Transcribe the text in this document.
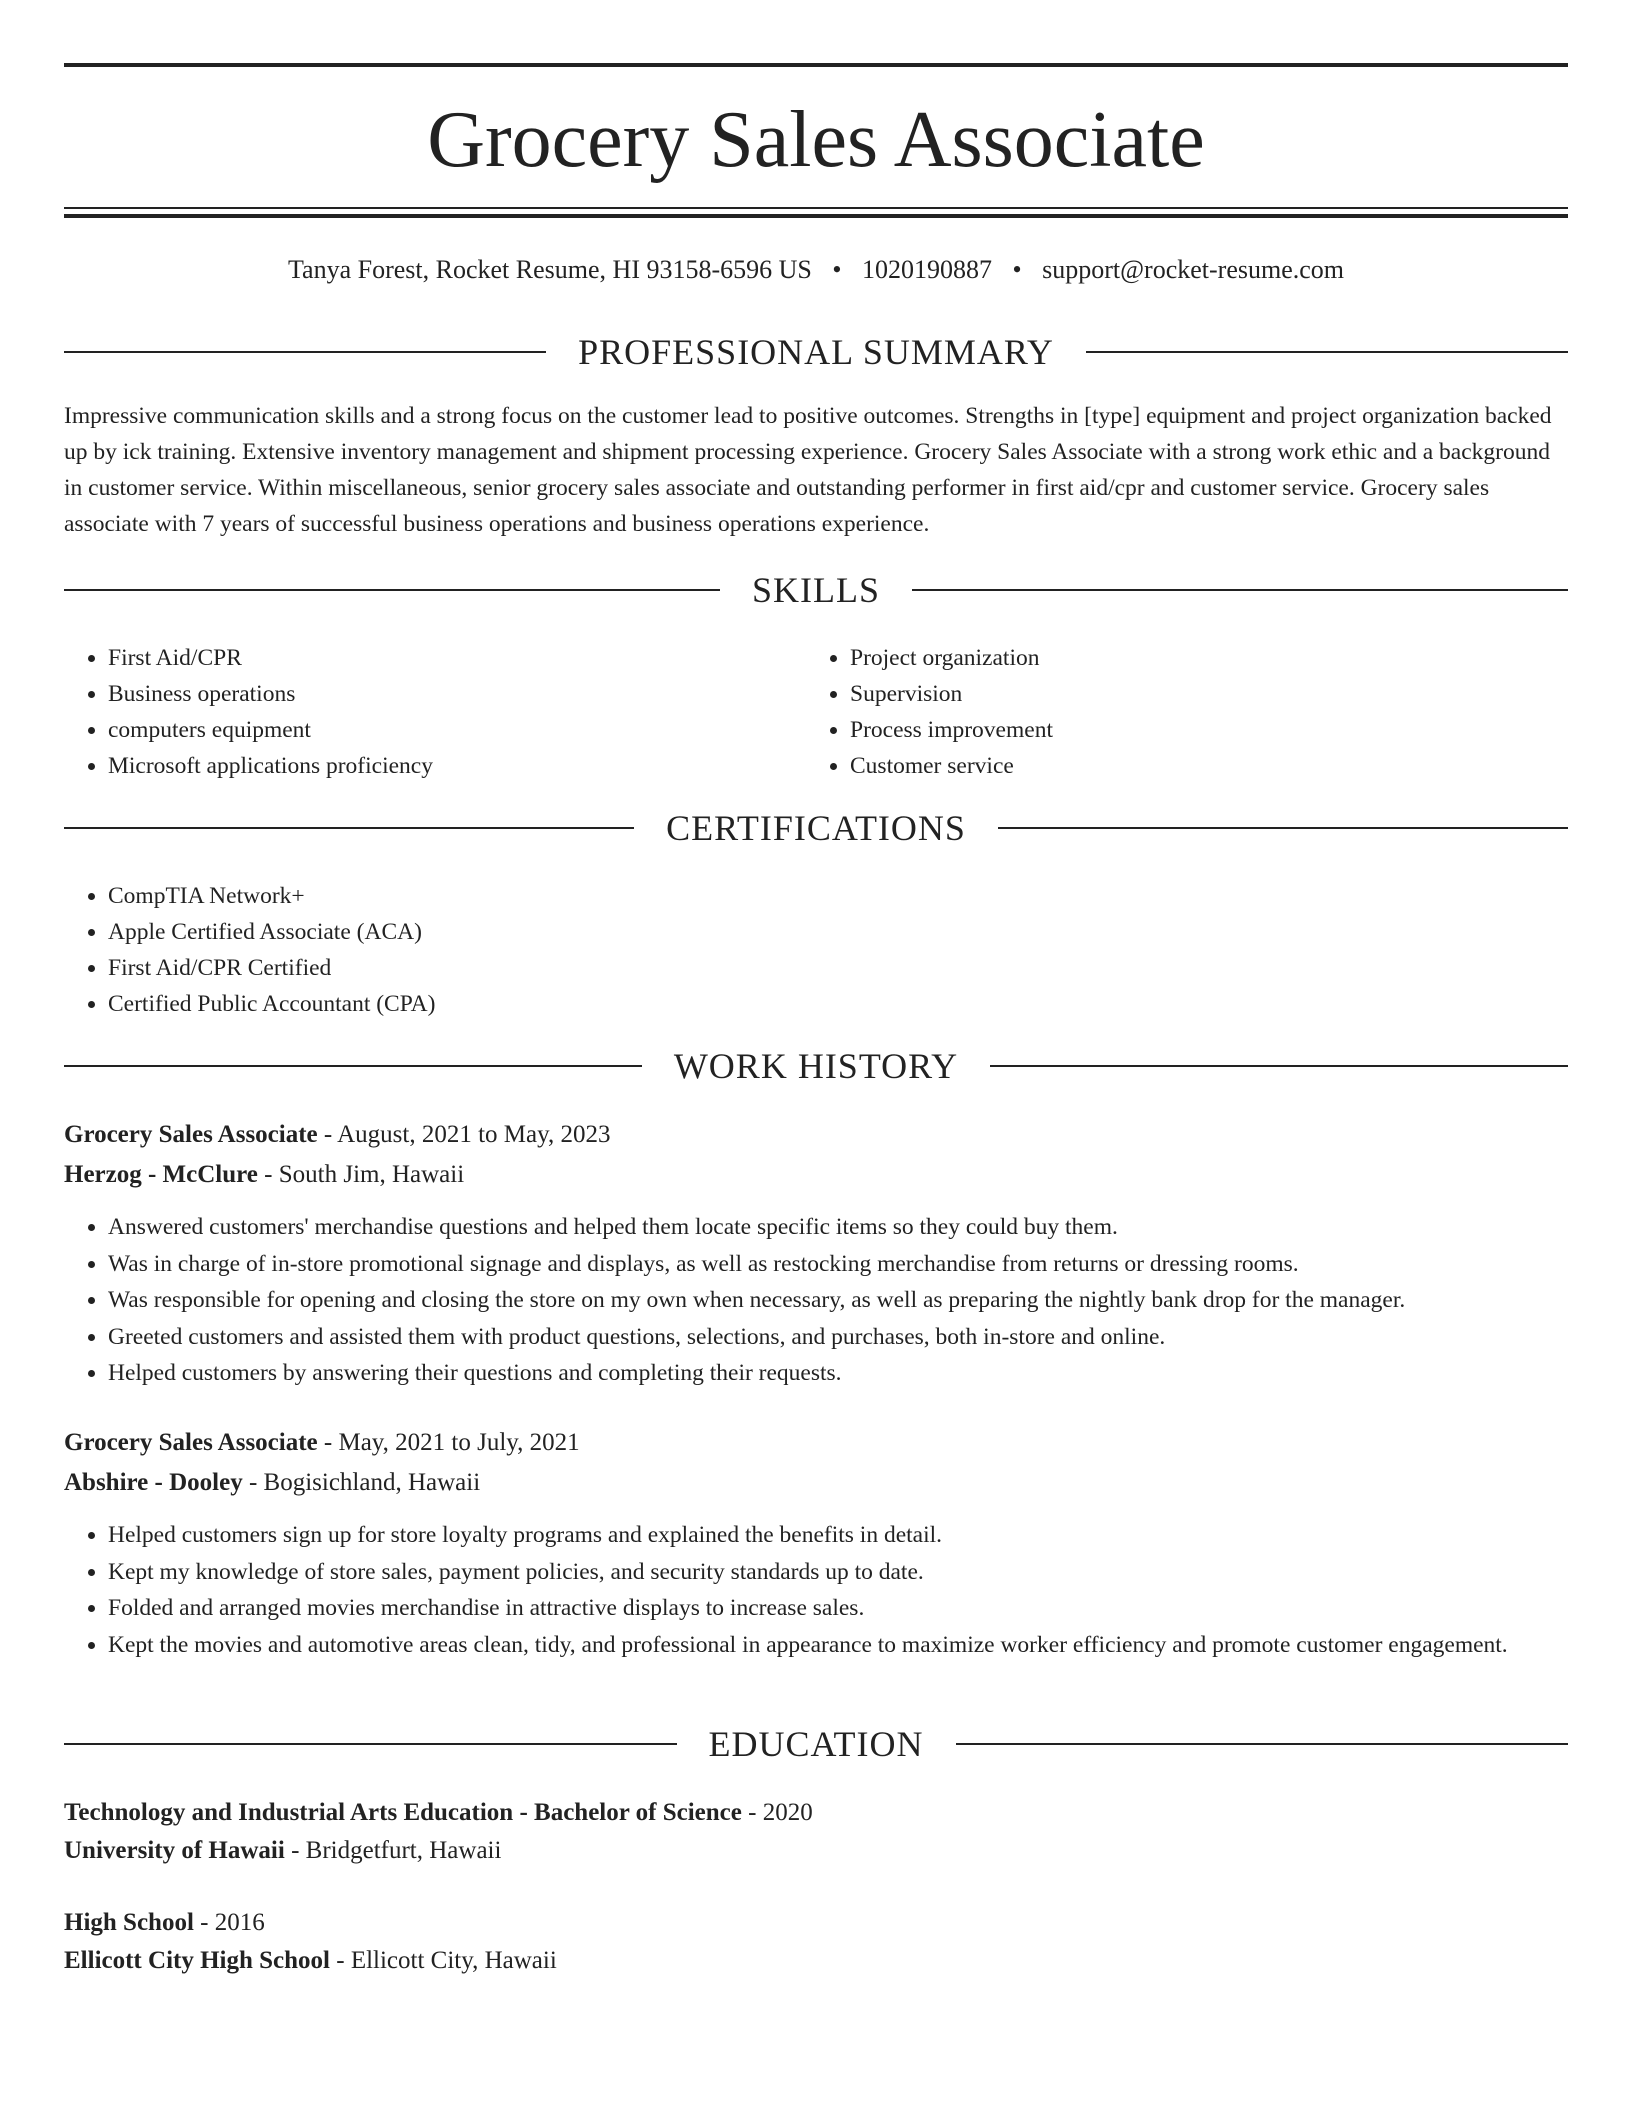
Grocery Sales Associate
Tanya Forest, Rocket Resume, HI 93158-6596 US • 1020190887 • support@rocket-resume.com
PROFESSIONAL SUMMARY

Impressive communication skills and a strong focus on the customer lead to positive outcomes. Strengths in [type] equipment and project organization backed up by ick training. Extensive inventory management and shipment processing experience. Grocery Sales Associate with a strong work ethic and a background in customer service. Within miscellaneous, senior grocery sales associate and outstanding performer in first aid/cpr and customer service. Grocery sales associate with 7 years of successful business operations and business operations experience.

SKILLS
• First Aid/CPR
• Business operations
• computers equipment
• Microsoft applications proficiency
• Project organization
• Supervision
• Process improvement
• Customer service
CERTIFICATIONS
• CompTIA Network+
• Apple Certified Associate (ACA)
• First Aid/CPR Certified
• Certified Public Accountant (CPA)
WORK HISTORY
Grocery Sales Associate - August, 2021 to May, 2023
Herzog - McClure - South Jim, Hawaii
• Answered customers' merchandise questions and helped them locate specific items so they could buy them.
• Was in charge of in-store promotional signage and displays, as well as restocking merchandise from returns or dressing rooms.
• Was responsible for opening and closing the store on my own when necessary, as well as preparing the nightly bank drop for the manager.
• Greeted customers and assisted them with product questions, selections, and purchases, both in-store and online.
• Helped customers by answering their questions and completing their requests.
Grocery Sales Associate - May, 2021 to July, 2021
Abshire - Dooley - Bogisichland, Hawaii
• Helped customers sign up for store loyalty programs and explained the benefits in detail.
• Kept my knowledge of store sales, payment policies, and security standards up to date.
• Folded and arranged movies merchandise in attractive displays to increase sales.
• Kept the movies and automotive areas clean, tidy, and professional in appearance to maximize worker efficiency and promote customer engagement.
EDUCATION
Technology and Industrial Arts Education - Bachelor of Science - 2020
University of Hawaii - Bridgetfurt, Hawaii
High School - 2016
Ellicott City High School - Ellicott City, Hawaii
